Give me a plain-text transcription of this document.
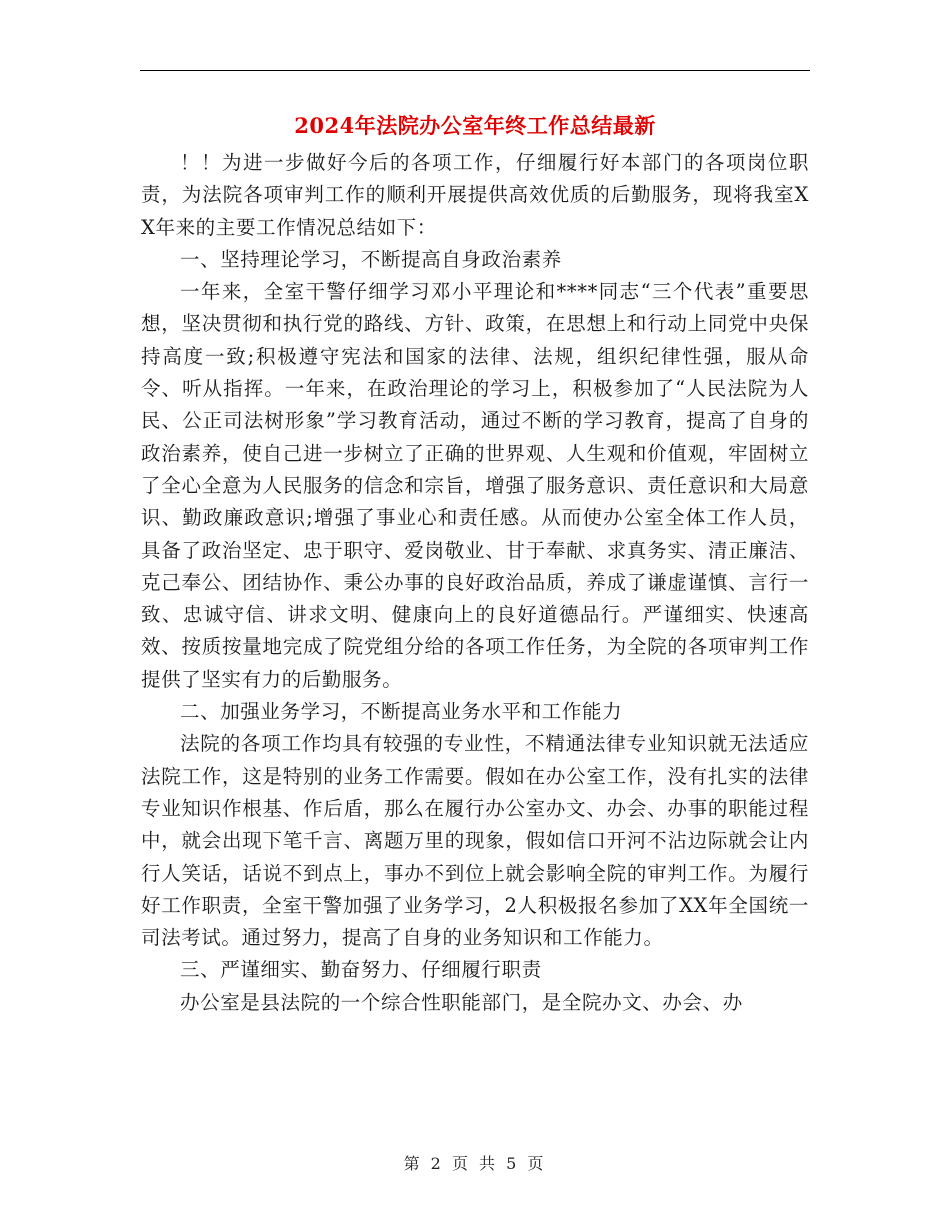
2024年法院办公室年终工作总结最新

！！为进一步做好今后的各项工作，仔细履行好本部门的各项岗位职责，为法院各项审判工作的顺利开展提供高效优质的后勤服务，现将我室XX年来的主要工作情况总结如下：

一、坚持理论学习，不断提高自身政治素养

一年来，全室干警仔细学习邓小平理论和****同志“三个代表”重要思想，坚决贯彻和执行党的路线、方针、政策，在思想上和行动上同党中央保持高度一致;积极遵守宪法和国家的法律、法规，组织纪律性强，服从命令、听从指挥。一年来，在政治理论的学习上，积极参加了“人民法院为人民、公正司法树形象”学习教育活动，通过不断的学习教育，提高了自身的政治素养，使自己进一步树立了正确的世界观、人生观和价值观，牢固树立了全心全意为人民服务的信念和宗旨，增强了服务意识、责任意识和大局意识、勤政廉政意识;增强了事业心和责任感。从而使办公室全体工作人员，具备了政治坚定、忠于职守、爱岗敬业、甘于奉献、求真务实、清正廉洁、克己奉公、团结协作、秉公办事的良好政治品质，养成了谦虚谨慎、言行一致、忠诚守信、讲求文明、健康向上的良好道德品行。严谨细实、快速高效、按质按量地完成了院党组分给的各项工作任务，为全院的各项审判工作提供了坚实有力的后勤服务。

二、加强业务学习，不断提高业务水平和工作能力

法院的各项工作均具有较强的专业性，不精通法律专业知识就无法适应法院工作，这是特别的业务工作需要。假如在办公室工作，没有扎实的法律专业知识作根基、作后盾，那么在履行办公室办文、办会、办事的职能过程中，就会出现下笔千言、离题万里的现象，假如信口开河不沾边际就会让内行人笑话，话说不到点上，事办不到位上就会影响全院的审判工作。为履行好工作职责，全室干警加强了业务学习，2人积极报名参加了XX年全国统一司法考试。通过努力，提高了自身的业务知识和工作能力。

三、严谨细实、勤奋努力、仔细履行职责

办公室是县法院的一个综合性职能部门，是全院办文、办会、办

第 2 页 共 5 页
